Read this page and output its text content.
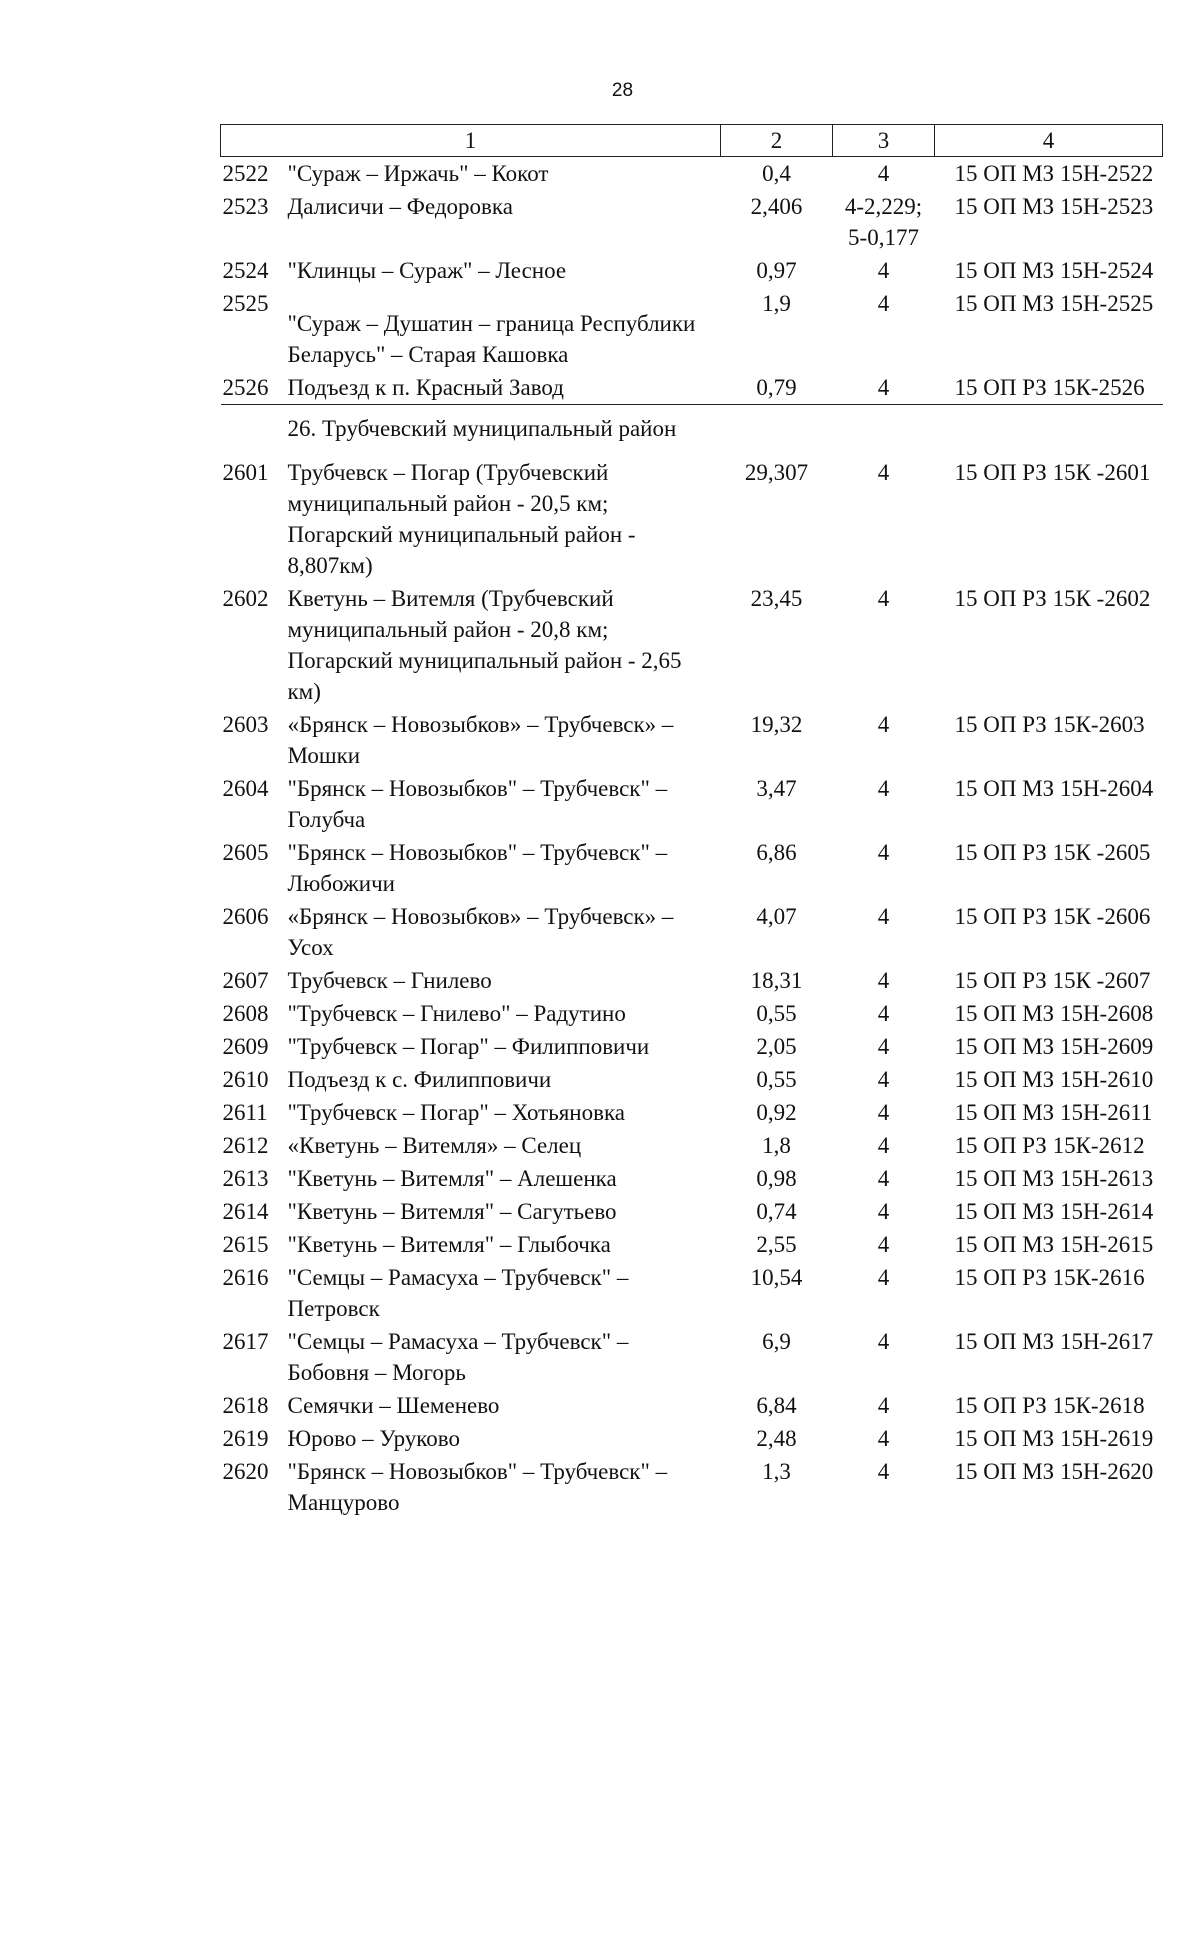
28
1		2	3	4
2522	"Сураж – Иржачь" – Кокот	0,4	4	15 ОП МЗ 15Н-2522
2523	Далисичи – Федоровка	2,406	4-2,229; 5-0,177	15 ОП МЗ 15Н-2523
2524	"Клинцы – Сураж" – Лесное	0,97	4	15 ОП МЗ 15Н-2524
2525	"Сураж – Душатин – граница Республики Беларусь" – Старая Кашовка	1,9	4	15 ОП МЗ 15Н-2525
2526	Подъезд к п. Красный Завод	0,79	4	15 ОП РЗ 15К-2526
26. Трубчевский муниципальный район				
2601	Трубчевск – Погар (Трубчевский муниципальный район - 20,5 км; Погарский муниципальный район - 8,807км)	29,307	4	15 ОП РЗ 15К -2601
2602	Кветунь – Витемля (Трубчевский муниципальный район - 20,8 км; Погарский муниципальный район - 2,65 км)	23,45	4	15 ОП РЗ 15К -2602
2603	«Брянск – Новозыбков» – Трубчевск» – Мошки	19,32	4	15 ОП РЗ 15К-2603
2604	"Брянск – Новозыбков" – Трубчевск" – Голубча	3,47	4	15 ОП МЗ 15Н-2604
2605	"Брянск – Новозыбков" – Трубчевск" – Любожичи	6,86	4	15 ОП РЗ 15К -2605
2606	«Брянск – Новозыбков» – Трубчевск» – Усох	4,07	4	15 ОП РЗ 15К -2606
2607	Трубчевск – Гнилево	18,31	4	15 ОП РЗ 15К -2607
2608	"Трубчевск – Гнилево" – Радутино	0,55	4	15 ОП МЗ 15Н-2608
2609	"Трубчевск – Погар" – Филипповичи	2,05	4	15 ОП МЗ 15Н-2609
2610	Подъезд к с. Филипповичи	0,55	4	15 ОП МЗ 15Н-2610
2611	"Трубчевск – Погар" – Хотьяновка	0,92	4	15 ОП МЗ 15Н-2611
2612	«Кветунь – Витемля» – Селец	1,8	4	15 ОП РЗ 15К-2612
2613	"Кветунь – Витемля" – Алешенка	0,98	4	15 ОП МЗ 15Н-2613
2614	"Кветунь – Витемля" – Сагутьево	0,74	4	15 ОП МЗ 15Н-2614
2615	"Кветунь – Витемля" – Глыбочка	2,55	4	15 ОП МЗ 15Н-2615
2616	"Семцы – Рамасуха – Трубчевск" – Петровск	10,54	4	15 ОП РЗ 15К-2616
2617	"Семцы – Рамасуха – Трубчевск" – Бобовня – Могорь	6,9	4	15 ОП МЗ 15Н-2617
2618	Семячки – Шеменево	6,84	4	15 ОП РЗ 15К-2618
2619	Юрово – Уруково	2,48	4	15 ОП МЗ 15Н-2619
2620	"Брянск – Новозыбков" – Трубчевск" – Манцурово	1,3	4	15 ОП МЗ 15Н-2620
